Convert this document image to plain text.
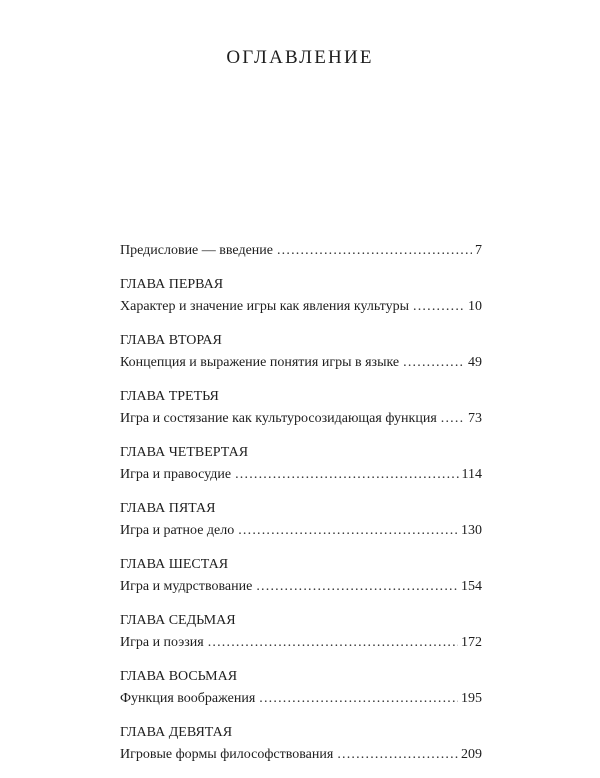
ОГЛАВЛЕНИЕ
Предисловие — введение .....	7
ГЛАВА ПЕРВАЯ
Характер и значение игры как явления культуры .....	10
ГЛАВА ВТОРАЯ
Концепция и выражение понятия игры в языке .....	49
ГЛАВА ТРЕТЬЯ
Игра и состязание как культуросозидающая функция ..... 73
ГЛАВА ЧЕТВЕРТАЯ
Игра и правосудие .....	114
ГЛАВА ПЯТАЯ
Игра и ратное дело .....	130
ГЛАВА ШЕСТАЯ
Игра и мудрствование .....	154
ГЛАВА СЕДЬМАЯ
Игра и поэзия .....	172
ГЛАВА ВОСЬМАЯ
Функция воображения .....	195
ГЛАВА ДЕВЯТАЯ
Игровые формы философствования .....	209
